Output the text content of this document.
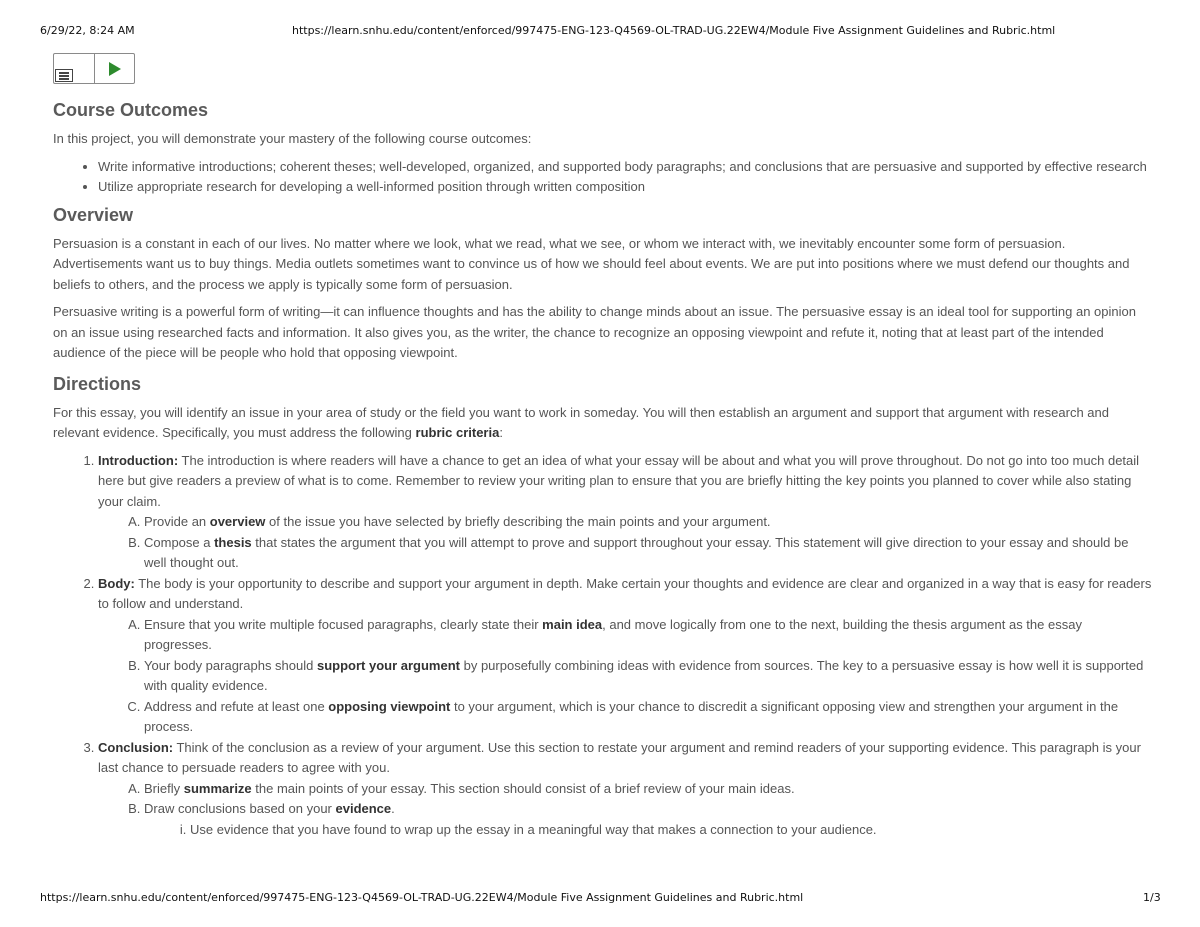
6/29/22, 8:24 AM	https://learn.snhu.edu/content/enforced/997475-ENG-123-Q4569-OL-TRAD-UG.22EW4/Module Five Assignment Guidelines and Rubric.html
Course Outcomes

In this project, you will demonstrate your mastery of the following course outcomes:

• Write informative introductions; coherent theses; well-developed, organized, and supported body paragraphs; and conclusions that are persuasive and supported by effective research
• Utilize appropriate research for developing a well-informed position through written composition
Overview

Persuasion is a constant in each of our lives. No matter where we look, what we read, what we see, or whom we interact with, we inevitably encounter some form of persuasion. Advertisements want us to buy things. Media outlets sometimes want to convince us of how we should feel about events. We are put into positions where we must defend our thoughts and beliefs to others, and the process we apply is typically some form of persuasion.

Persuasive writing is a powerful form of writing—it can influence thoughts and has the ability to change minds about an issue. The persuasive essay is an ideal tool for supporting an opinion on an issue using researched facts and information. It also gives you, as the writer, the chance to recognize an opposing viewpoint and refute it, noting that at least part of the intended audience of the piece will be people who hold that opposing viewpoint.

Directions

For this essay, you will identify an issue in your area of study or the field you want to work in someday. You will then establish an argument and support that argument with research and relevant evidence. Specifically, you must address the following rubric criteria:

1. Introduction: The introduction is where readers will have a chance to get an idea of what your essay will be about and what you will prove throughout. Do not go into too much detail here but give readers a preview of what is to come. Remember to review your writing plan to ensure that you are briefly hitting the key points you planned to cover while also stating your claim.
A. Provide an overview of the issue you have selected by briefly describing the main points and your argument.
B. Compose a thesis that states the argument that you will attempt to prove and support throughout your essay. This statement will give direction to your essay and should be well thought out.
2. Body: The body is your opportunity to describe and support your argument in depth. Make certain your thoughts and evidence are clear and organized in a way that is easy for readers to follow and understand.
A. Ensure that you write multiple focused paragraphs, clearly state their main idea, and move logically from one to the next, building the thesis argument as the essay progresses.
B. Your body paragraphs should support your argument by purposefully combining ideas with evidence from sources. The key to a persuasive essay is how well it is supported with quality evidence.
C. Address and refute at least one opposing viewpoint to your argument, which is your chance to discredit a significant opposing view and strengthen your argument in the process.
3. Conclusion: Think of the conclusion as a review of your argument. Use this section to restate your argument and remind readers of your supporting evidence. This paragraph is your last chance to persuade readers to agree with you.
A. Briefly summarize the main points of your essay. This section should consist of a brief review of your main ideas.
B. Draw conclusions based on your evidence.
i. Use evidence that you have found to wrap up the essay in a meaningful way that makes a connection to your audience.
https://learn.snhu.edu/content/enforced/997475-ENG-123-Q4569-OL-TRAD-UG.22EW4/Module Five Assignment Guidelines and Rubric.html	1/3
